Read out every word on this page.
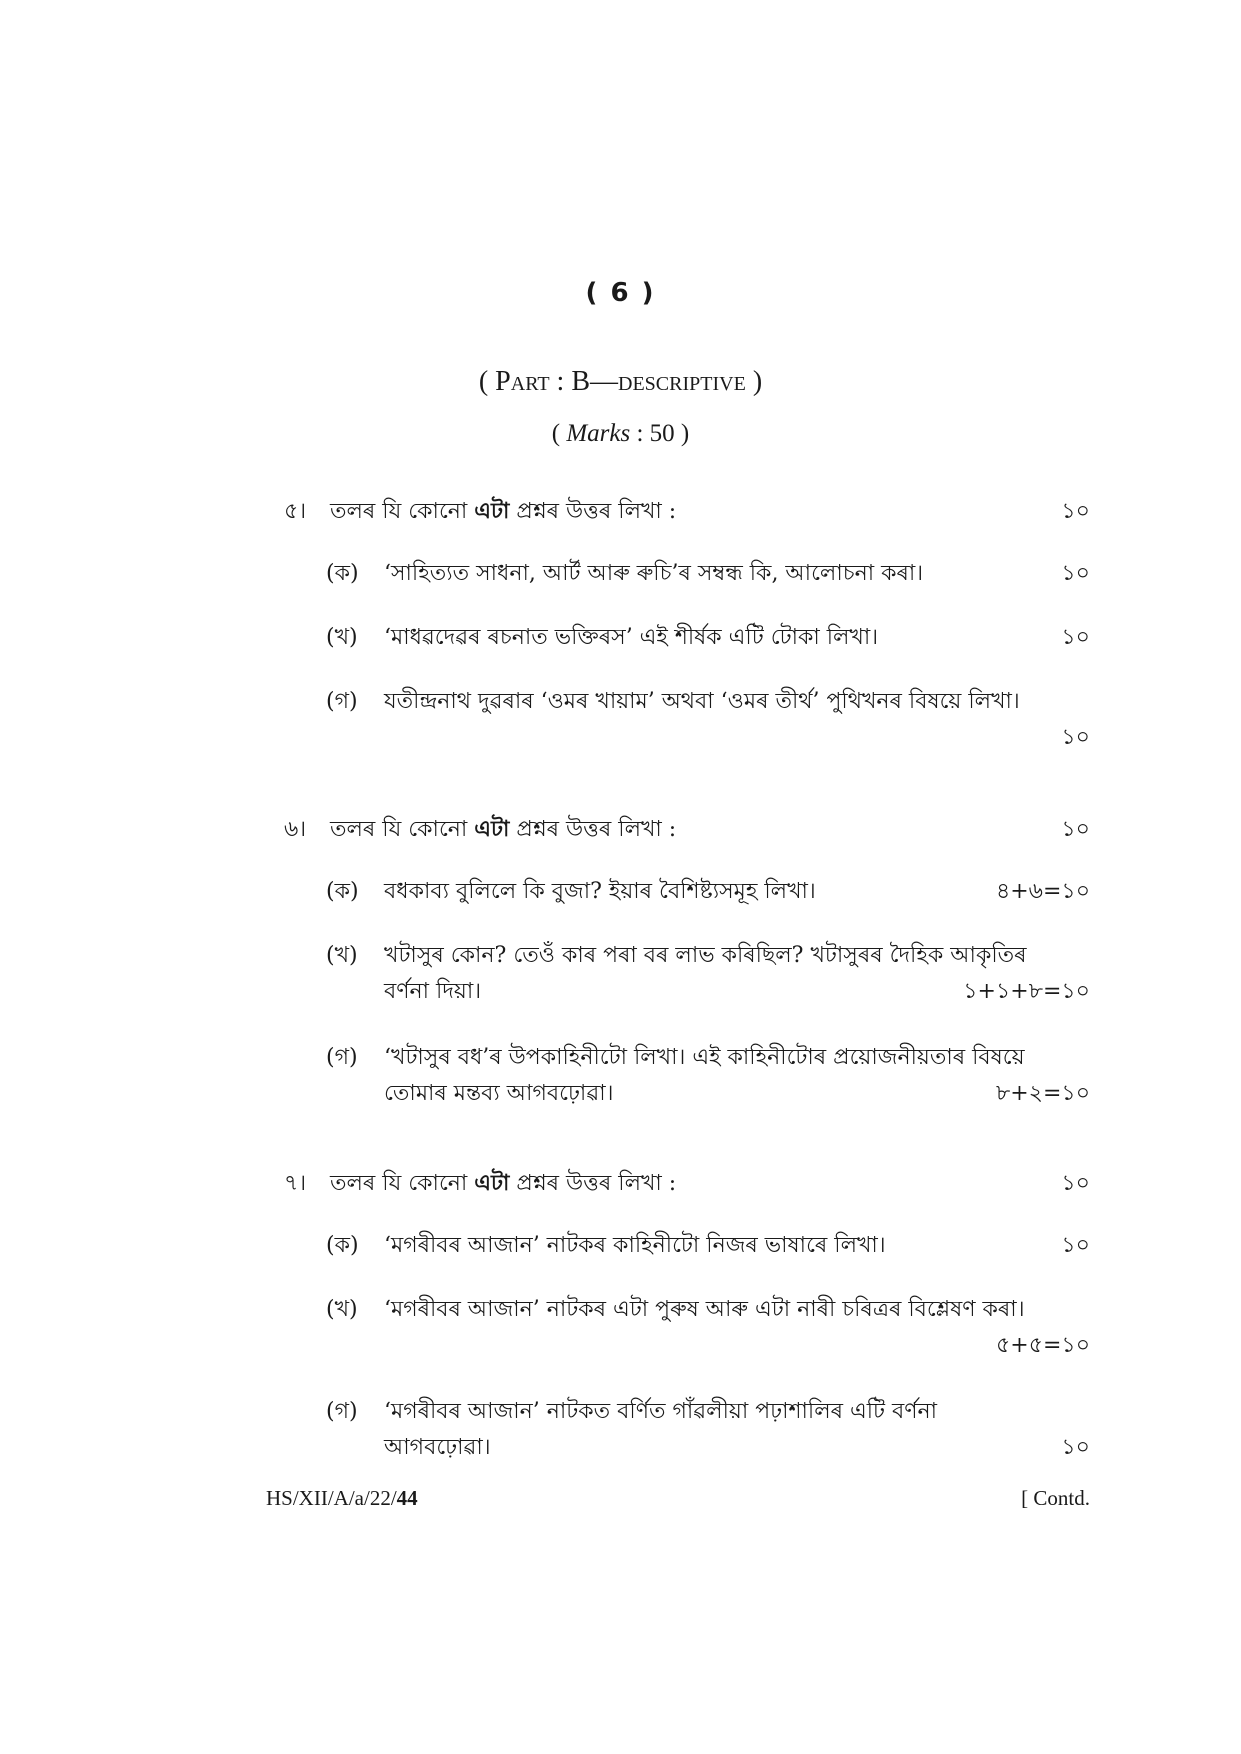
( 6 )
( Part : B—descriptive )
( Marks : 50 )
৫। তলৰ যি কোনো এটা প্ৰশ্নৰ উত্তৰ লিখা :	১০
(ক) ‘সাহিত্যত সাধনা, আৰ্ট আৰু ৰুচি’ৰ সম্বন্ধ কি, আলোচনা কৰা।	১০
(খ) ‘মাধৱদেৱৰ ৰচনাত ভক্তিৰস’ এই শীৰ্ষক এটি টোকা লিখা।	১০
(গ) যতীন্দ্ৰনাথ দুৱৰাৰ ‘ওমৰ খায়াম’ অথবা ‘ওমৰ তীৰ্থ’ পুথিখনৰ বিষয়ে লিখা।
১০
৬। তলৰ যি কোনো এটা প্ৰশ্নৰ উত্তৰ লিখা :	১০
(ক) বধকাব্য বুলিলে কি বুজা? ইয়াৰ বৈশিষ্ট্যসমূহ লিখা।	৪+৬=১০
(খ) খটাসুৰ কোন? তেওঁ কাৰ পৰা বৰ লাভ কৰিছিল? খটাসুৰৰ দৈহিক আকৃতিৰ বৰ্ণনা দিয়া।	১+১+৮=১০
(গ) ‘খটাসুৰ বধ’ৰ উপকাহিনীটো লিখা। এই কাহিনীটোৰ প্ৰয়োজনীয়তাৰ বিষয়ে তোমাৰ মন্তব্য আগবঢ়োৱা।	৮+২=১০
৭। তলৰ যি কোনো এটা প্ৰশ্নৰ উত্তৰ লিখা :	১০
(ক) ‘মগৰীবৰ আজান’ নাটকৰ কাহিনীটো নিজৰ ভাষাৰে লিখা।	১০
(খ) ‘মগৰীবৰ আজান’ নাটকৰ এটা পুৰুষ আৰু এটা নাৰী চৰিত্ৰৰ বিশ্লেষণ কৰা।
৫+৫=১০
(গ) ‘মগৰীবৰ আজান’ নাটকত বৰ্ণিত গাঁৱলীয়া পঢ়াশালিৰ এটি বৰ্ণনা আগবঢ়োৱা।	১০
HS/XII/A/a/22/44	[ Contd.
